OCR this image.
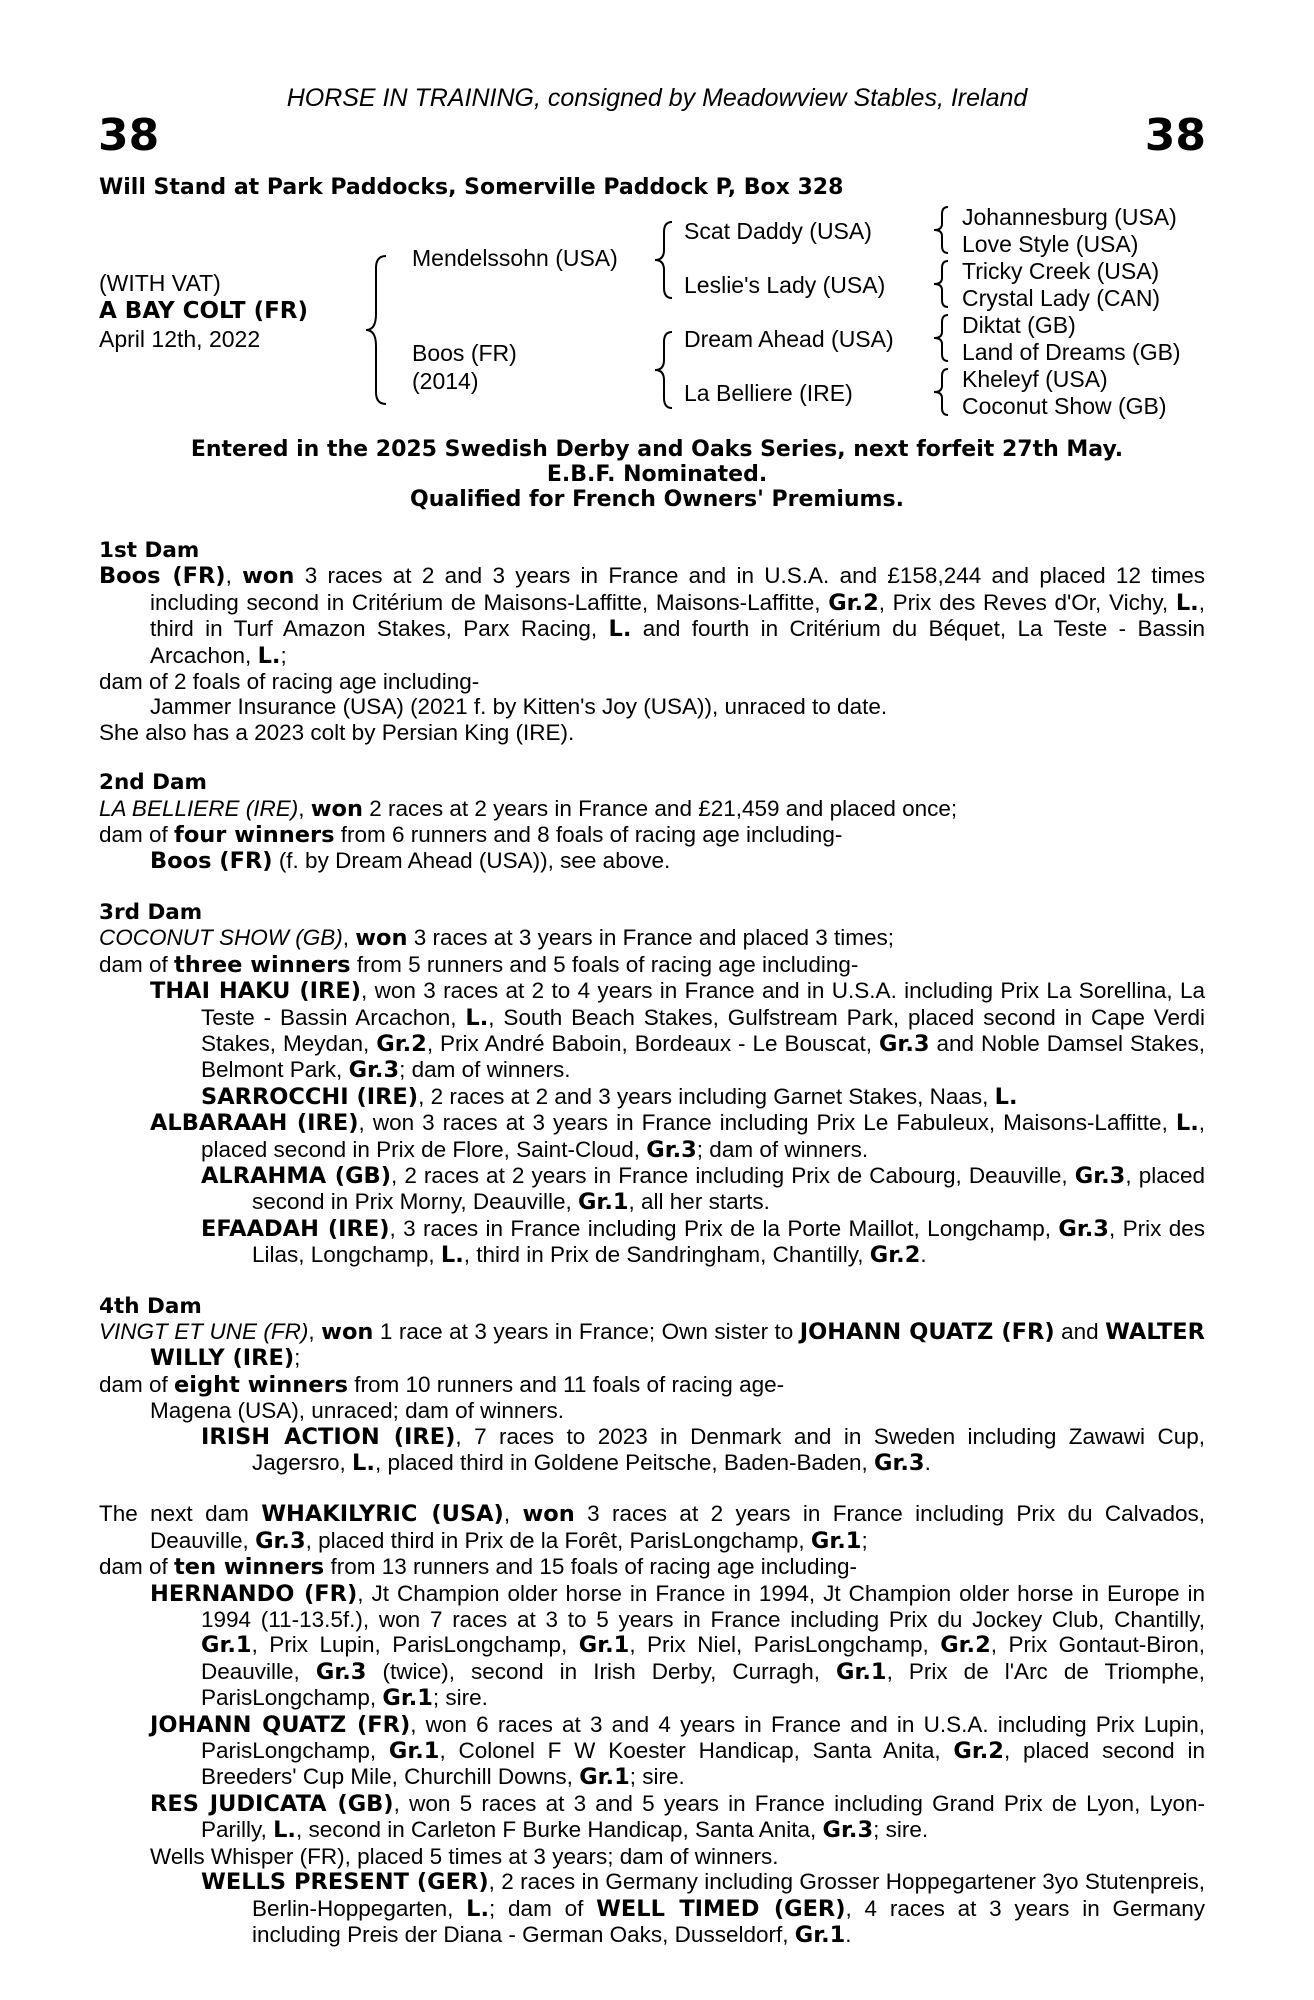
HORSE IN TRAINING, consigned by Meadowview Stables, Ireland
38	38
Will Stand at Park Paddocks, Somerville Paddock P, Box 328
(WITH VAT)
A BAY COLT (FR)
April 12th, 2022
Mendelssohn (USA)
Boos (FR)
(2014)
Scat Daddy (USA)
Leslie's Lady (USA)
Dream Ahead (USA)
La Belliere (IRE)
Johannesburg (USA)
Love Style (USA)
Tricky Creek (USA)
Crystal Lady (CAN)
Diktat (GB)
Land of Dreams (GB)
Kheleyf (USA)
Coconut Show (GB)
Entered in the 2025 Swedish Derby and Oaks Series, next forfeit 27th May.
E.B.F. Nominated.
Qualified for French Owners' Premiums.

1st Dam

Boos (FR), won 3 races at 2 and 3 years in France and in U.S.A. and £158,244 and placed 12 times including second in Critérium de Maisons-Laffitte, Maisons-Laffitte, Gr.2, Prix des Reves d'Or, Vichy, L., third in Turf Amazon Stakes, Parx Racing, L. and fourth in Critérium du Béquet, La Teste - Bassin Arcachon, L.;

dam of 2 foals of racing age including-

Jammer Insurance (USA) (2021 f. by Kitten's Joy (USA)), unraced to date.

She also has a 2023 colt by Persian King (IRE).

2nd Dam

LA BELLIERE (IRE), won 2 races at 2 years in France and £21,459 and placed once;

dam of four winners from 6 runners and 8 foals of racing age including-

Boos (FR) (f. by Dream Ahead (USA)), see above.

3rd Dam

COCONUT SHOW (GB), won 3 races at 3 years in France and placed 3 times;

dam of three winners from 5 runners and 5 foals of racing age including-

THAI HAKU (IRE), won 3 races at 2 to 4 years in France and in U.S.A. including Prix La Sorellina, La Teste - Bassin Arcachon, L., South Beach Stakes, Gulfstream Park, placed second in Cape Verdi Stakes, Meydan, Gr.2, Prix André Baboin, Bordeaux - Le Bouscat, Gr.3 and Noble Damsel Stakes, Belmont Park, Gr.3; dam of winners.

SARROCCHI (IRE), 2 races at 2 and 3 years including Garnet Stakes, Naas, L.

ALBARAAH (IRE), won 3 races at 3 years in France including Prix Le Fabuleux, Maisons-Laffitte, L., placed second in Prix de Flore, Saint-Cloud, Gr.3; dam of winners.

ALRAHMA (GB), 2 races at 2 years in France including Prix de Cabourg, Deauville, Gr.3, placed second in Prix Morny, Deauville, Gr.1, all her starts.

EFAADAH (IRE), 3 races in France including Prix de la Porte Maillot, Longchamp, Gr.3, Prix des Lilas, Longchamp, L., third in Prix de Sandringham, Chantilly, Gr.2.

4th Dam

VINGT ET UNE (FR), won 1 race at 3 years in France; Own sister to JOHANN QUATZ (FR) and WALTER WILLY (IRE);

dam of eight winners from 10 runners and 11 foals of racing age-

Magena (USA), unraced; dam of winners.

IRISH ACTION (IRE), 7 races to 2023 in Denmark and in Sweden including Zawawi Cup, Jagersro, L., placed third in Goldene Peitsche, Baden-Baden, Gr.3.

The next dam WHAKILYRIC (USA), won 3 races at 2 years in France including Prix du Calvados, Deauville, Gr.3, placed third in Prix de la Forêt, ParisLongchamp, Gr.1;

dam of ten winners from 13 runners and 15 foals of racing age including-

HERNANDO (FR), Jt Champion older horse in France in 1994, Jt Champion older horse in Europe in 1994 (11-13.5f.), won 7 races at 3 to 5 years in France including Prix du Jockey Club, Chantilly, Gr.1, Prix Lupin, ParisLongchamp, Gr.1, Prix Niel, ParisLongchamp, Gr.2, Prix Gontaut-Biron, Deauville, Gr.3 (twice), second in Irish Derby, Curragh, Gr.1, Prix de l'Arc de Triomphe, ParisLongchamp, Gr.1; sire.

JOHANN QUATZ (FR), won 6 races at 3 and 4 years in France and in U.S.A. including Prix Lupin, ParisLongchamp, Gr.1, Colonel F W Koester Handicap, Santa Anita, Gr.2, placed second in Breeders' Cup Mile, Churchill Downs, Gr.1; sire.

RES JUDICATA (GB), won 5 races at 3 and 5 years in France including Grand Prix de Lyon, Lyon-Parilly, L., second in Carleton F Burke Handicap, Santa Anita, Gr.3; sire.

Wells Whisper (FR), placed 5 times at 3 years; dam of winners.

WELLS PRESENT (GER), 2 races in Germany including Grosser Hoppegartener 3yo Stutenpreis, Berlin-Hoppegarten, L.; dam of WELL TIMED (GER), 4 races at 3 years in Germany including Preis der Diana - German Oaks, Dusseldorf, Gr.1.
